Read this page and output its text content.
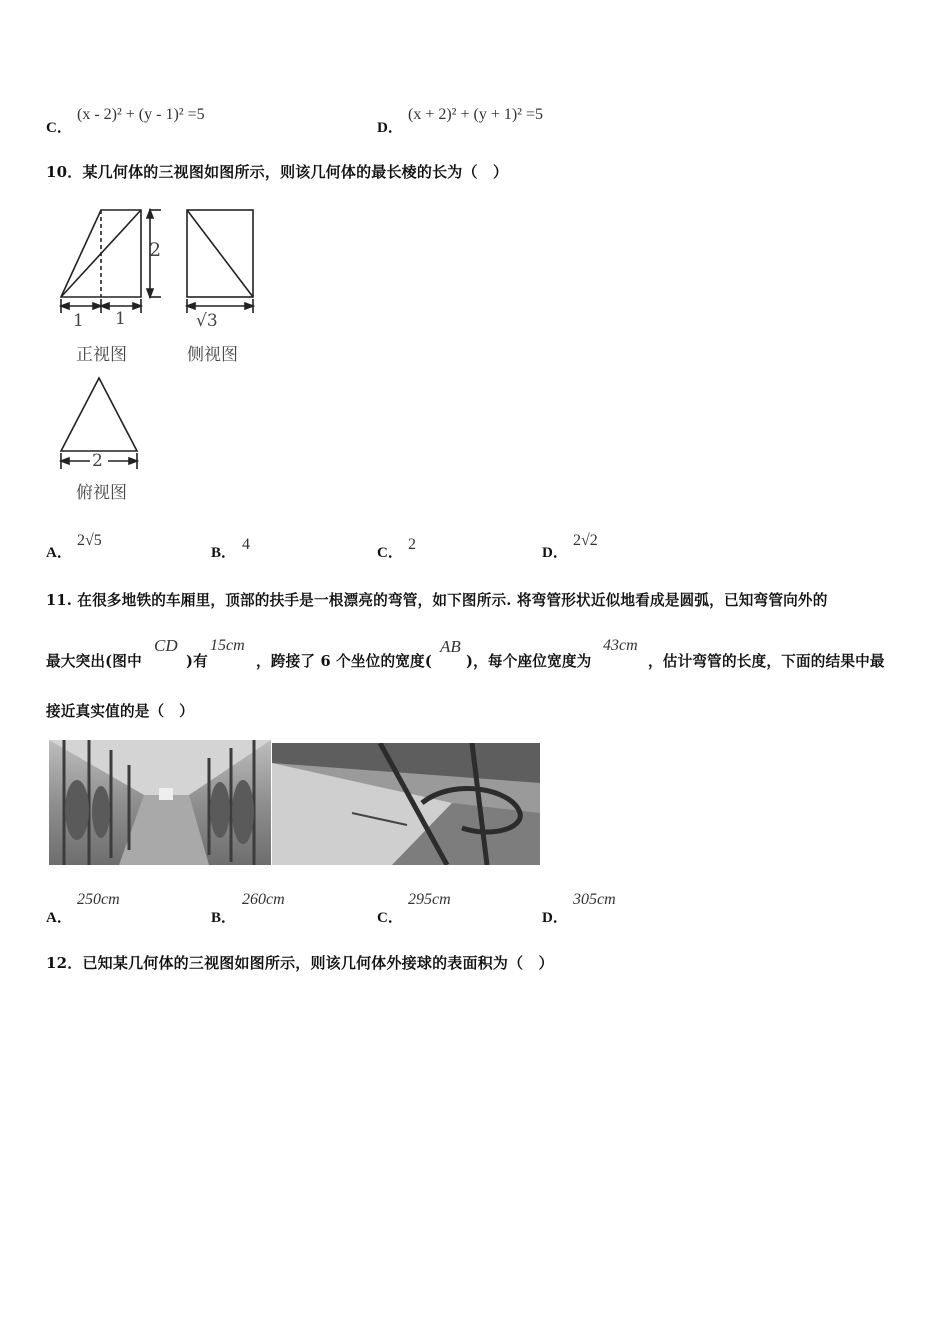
C．
(x - 2)² + (y - 1)² =5
D．
(x + 2)² + (y + 1)² =5
10．某几何体的三视图如图所示，则该几何体的最长棱的长为（　）
2
1 1	√3
2
正视图	侧视图
俯视图
A．
2√5
B． 4	C． 2	D．
2√2
11. 在很多地铁的车厢里，顶部的扶手是一根漂亮的弯管，如下图所示. 将弯管形状近似地看成是圆弧，已知弯管向外的
最大突出(图中
CD
)有
15cm
，跨接了 6 个坐位的宽度(
AB
)，每个座位宽度为
43cm
，估计弯管的长度，下面的结果中最
接近真实值的是（　）
A．
250cm
B．
260cm
C．
295cm
D．
305cm
12．已知某几何体的三视图如图所示，则该几何体外接球的表面积为（　）
